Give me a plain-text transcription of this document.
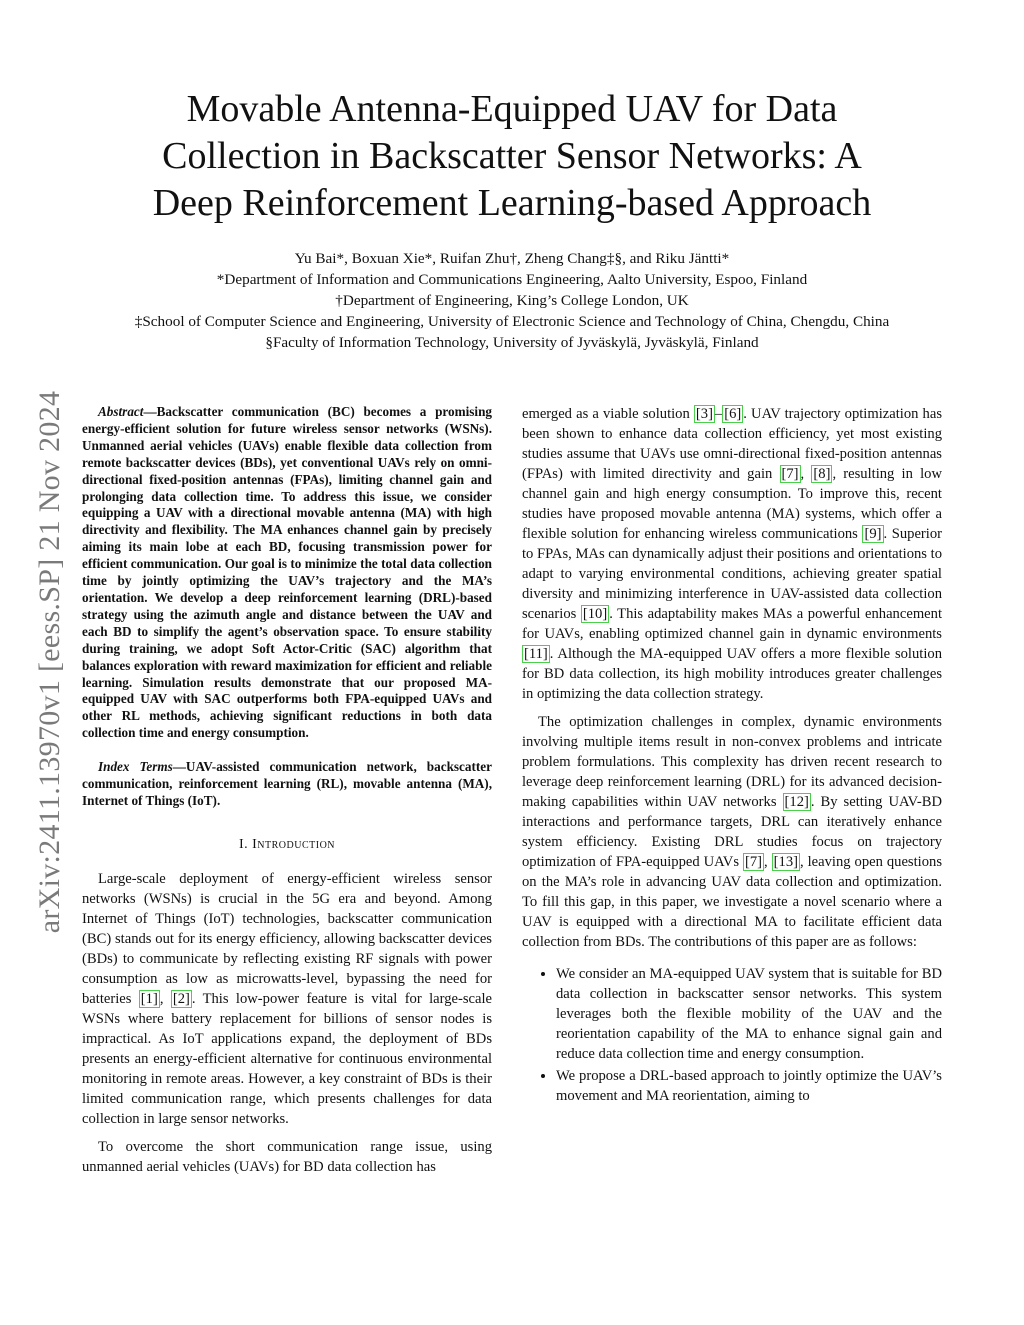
arXiv:2411.13970v1 [eess.SP] 21 Nov 2024
Movable Antenna-Equipped UAV for Data
Collection in Backscatter Sensor Networks: A
Deep Reinforcement Learning-based Approach
Yu Bai*, Boxuan Xie*, Ruifan Zhu†, Zheng Chang‡§, and Riku Jäntti*
*Department of Information and Communications Engineering, Aalto University, Espoo, Finland
†Department of Engineering, King’s College London, UK
‡School of Computer Science and Engineering, University of Electronic Science and Technology of China, Chengdu, China
§Faculty of Information Technology, University of Jyväskylä, Jyväskylä, Finland

Abstract—Backscatter communication (BC) becomes a promising energy-efficient solution for future wireless sensor networks (WSNs). Unmanned aerial vehicles (UAVs) enable flexible data collection from remote backscatter devices (BDs), yet conventional UAVs rely on omni-directional fixed-position antennas (FPAs), limiting channel gain and prolonging data collection time. To address this issue, we consider equipping a UAV with a directional movable antenna (MA) with high directivity and flexibility. The MA enhances channel gain by precisely aiming its main lobe at each BD, focusing transmission power for efficient communication. Our goal is to minimize the total data collection time by jointly optimizing the UAV’s trajectory and the MA’s orientation. We develop a deep reinforcement learning (DRL)-based strategy using the azimuth angle and distance between the UAV and each BD to simplify the agent’s observation space. To ensure stability during training, we adopt Soft Actor-Critic (SAC) algorithm that balances exploration with reward maximization for efficient and reliable learning. Simulation results demonstrate that our proposed MA-equipped UAV with SAC outperforms both FPA-equipped UAVs and other RL methods, achieving significant reductions in both data collection time and energy consumption.

Index Terms—UAV-assisted communication network, backscatter communication, reinforcement learning (RL), movable antenna (MA), Internet of Things (IoT).

I. Introduction

Large-scale deployment of energy-efficient wireless sensor networks (WSNs) is crucial in the 5G era and beyond. Among Internet of Things (IoT) technologies, backscatter communication (BC) stands out for its energy efficiency, allowing backscatter devices (BDs) to communicate by reflecting existing RF signals with power consumption as low as microwatts-level, bypassing the need for batteries [1] , [2] . This low-power feature is vital for large-scale WSNs where battery replacement for billions of sensor nodes is impractical. As IoT applications expand, the deployment of BDs presents an energy-efficient alternative for continuous environmental monitoring in remote areas. However, a key constraint of BDs is their limited communication range, which presents challenges for data collection in large sensor networks.

To overcome the short communication range issue, using unmanned aerial vehicles (UAVs) for BD data collection has

emerged as a viable solution [3] – [6] . UAV trajectory optimization has been shown to enhance data collection efficiency, yet most existing studies assume that UAVs use omni-directional fixed-position antennas (FPAs) with limited directivity and gain [7] , [8] , resulting in low channel gain and high energy consumption. To improve this, recent studies have proposed movable antenna (MA) systems, which offer a flexible solution for enhancing wireless communications [9] . Superior to FPAs, MAs can dynamically adjust their positions and orientations to adapt to varying environmental conditions, achieving greater spatial diversity and minimizing interference in UAV-assisted data collection scenarios [10] . This adaptability makes MAs a powerful enhancement for UAVs, enabling optimized channel gain in dynamic environments [11] . Although the MA-equipped UAV offers a more flexible solution for BD data collection, its high mobility introduces greater challenges in optimizing the data collection strategy.

The optimization challenges in complex, dynamic environments involving multiple items result in non-convex problems and intricate problem formulations. This complexity has driven recent research to leverage deep reinforcement learning (DRL) for its advanced decision-making capabilities within UAV networks [12] . By setting UAV-BD interactions and performance targets, DRL can iteratively enhance system efficiency. Existing DRL studies focus on trajectory optimization of FPA-equipped UAVs [7] , [13] , leaving open questions on the MA’s role in advancing UAV data collection and optimization. To fill this gap, in this paper, we investigate a novel scenario where a UAV is equipped with a directional MA to facilitate efficient data collection from BDs. The contributions of this paper are as follows:

• We consider an MA-equipped UAV system that is suitable for BD data collection in backscatter sensor networks. This system leverages both the flexible mobility of the UAV and the reorientation capability of the MA to enhance signal gain and reduce data collection time and energy consumption.
• We propose a DRL-based approach to jointly optimize the UAV’s movement and MA reorientation, aiming to
